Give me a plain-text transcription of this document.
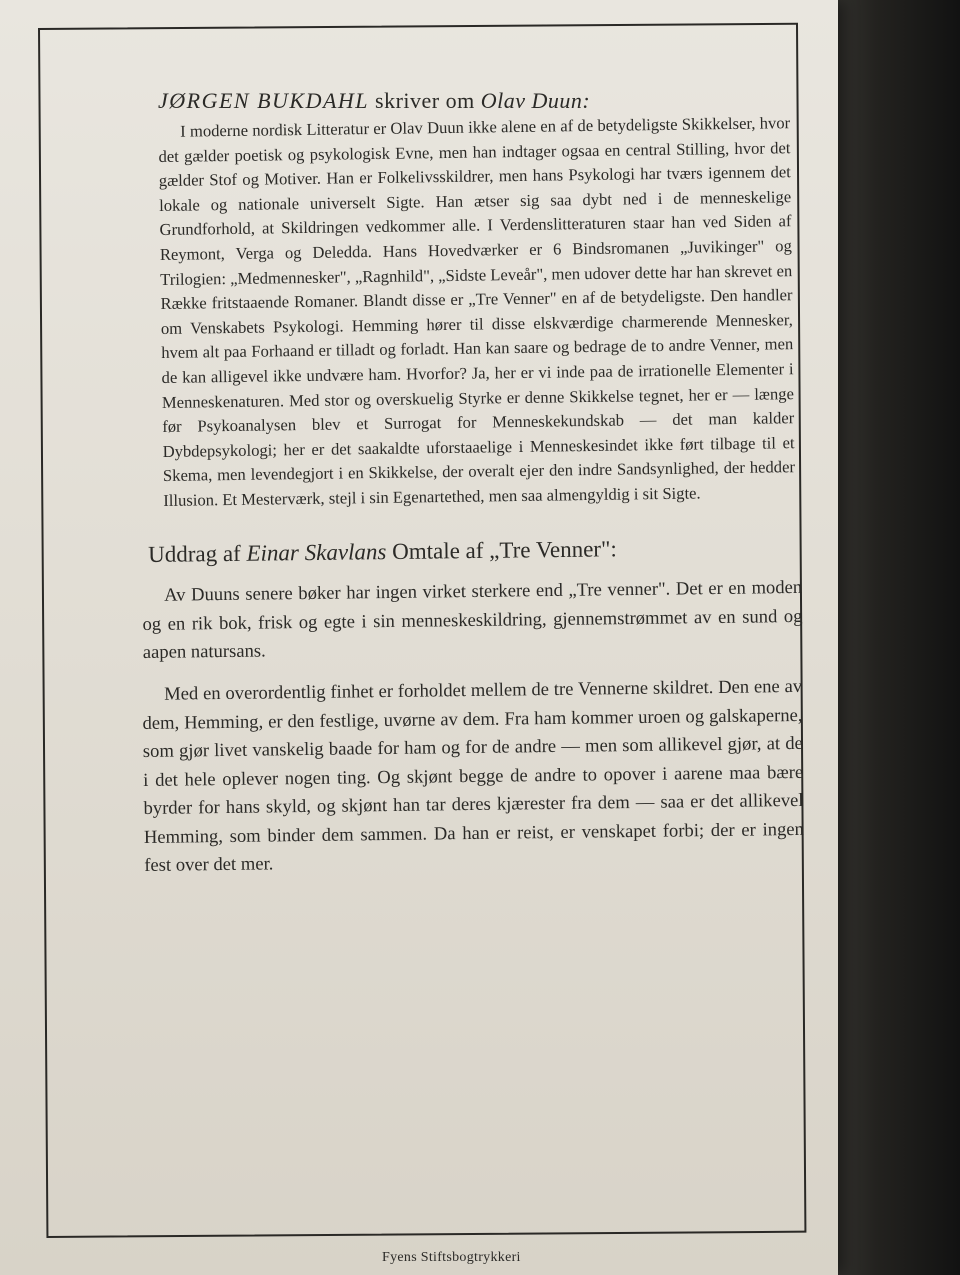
JØRGEN BUKDAHL skriver om Olav Duun:

I moderne nordisk Litteratur er Olav Duun ikke alene en af de betydeligste Skikkelser, hvor det gælder poetisk og psykologisk Evne, men han indtager ogsaa en central Stilling, hvor det gælder Stof og Motiver. Han er Folkelivsskildrer, men hans Psykologi har tværs igennem det lokale og nationale universelt Sigte. Han ætser sig saa dybt ned i de menneskelige Grundforhold, at Skildringen vedkommer alle. I Verdenslitteraturen staar han ved Siden af Reymont, Verga og Deledda. Hans Hovedværker er 6 Bindsromanen „Juvikinger" og Trilogien: „Medmennesker", „Ragnhild", „Sidste Leveår", men udover dette har han skrevet en Række fritstaaende Romaner. Blandt disse er „Tre Venner" en af de betydeligste. Den handler om Venskabets Psykologi. Hemming hører til disse elskværdige charmerende Mennesker, hvem alt paa Forhaand er tilladt og forladt. Han kan saare og bedrage de to andre Venner, men de kan alligevel ikke undvære ham. Hvorfor? Ja, her er vi inde paa de irrationelle Elementer i Menneskenaturen. Med stor og overskuelig Styrke er denne Skikkelse tegnet, her er — længe før Psykoanalysen blev et Surrogat for Menneskekundskab — det man kalder Dybdepsykologi; her er det saakaldte uforstaaelige i Menneskesindet ikke ført tilbage til et Skema, men levendegjort i en Skikkelse, der overalt ejer den indre Sandsynlighed, der hedder Illusion. Et Mesterværk, stejl i sin Egenartethed, men saa almengyldig i sit Sigte.

Uddrag af Einar Skavlans Omtale af „Tre Venner":

Av Duuns senere bøker har ingen virket sterkere end „Tre venner". Det er en moden og en rik bok, frisk og egte i sin menneskeskildring, gjennemstrømmet av en sund og aapen natursans.

Med en overordentlig finhet er forholdet mellem de tre Vennerne skildret. Den ene av dem, Hemming, er den festlige, uvørne av dem. Fra ham kommer uroen og galskaperne, som gjør livet vanskelig baade for ham og for de andre — men som allikevel gjør, at de i det hele oplever nogen ting. Og skjønt begge de andre to opover i aarene maa bære byrder for hans skyld, og skjønt han tar deres kjærester fra dem — saa er det allikevel Hemming, som binder dem sammen. Da han er reist, er venskapet forbi; der er ingen fest over det mer.

Fyens Stiftsbogtrykkeri
